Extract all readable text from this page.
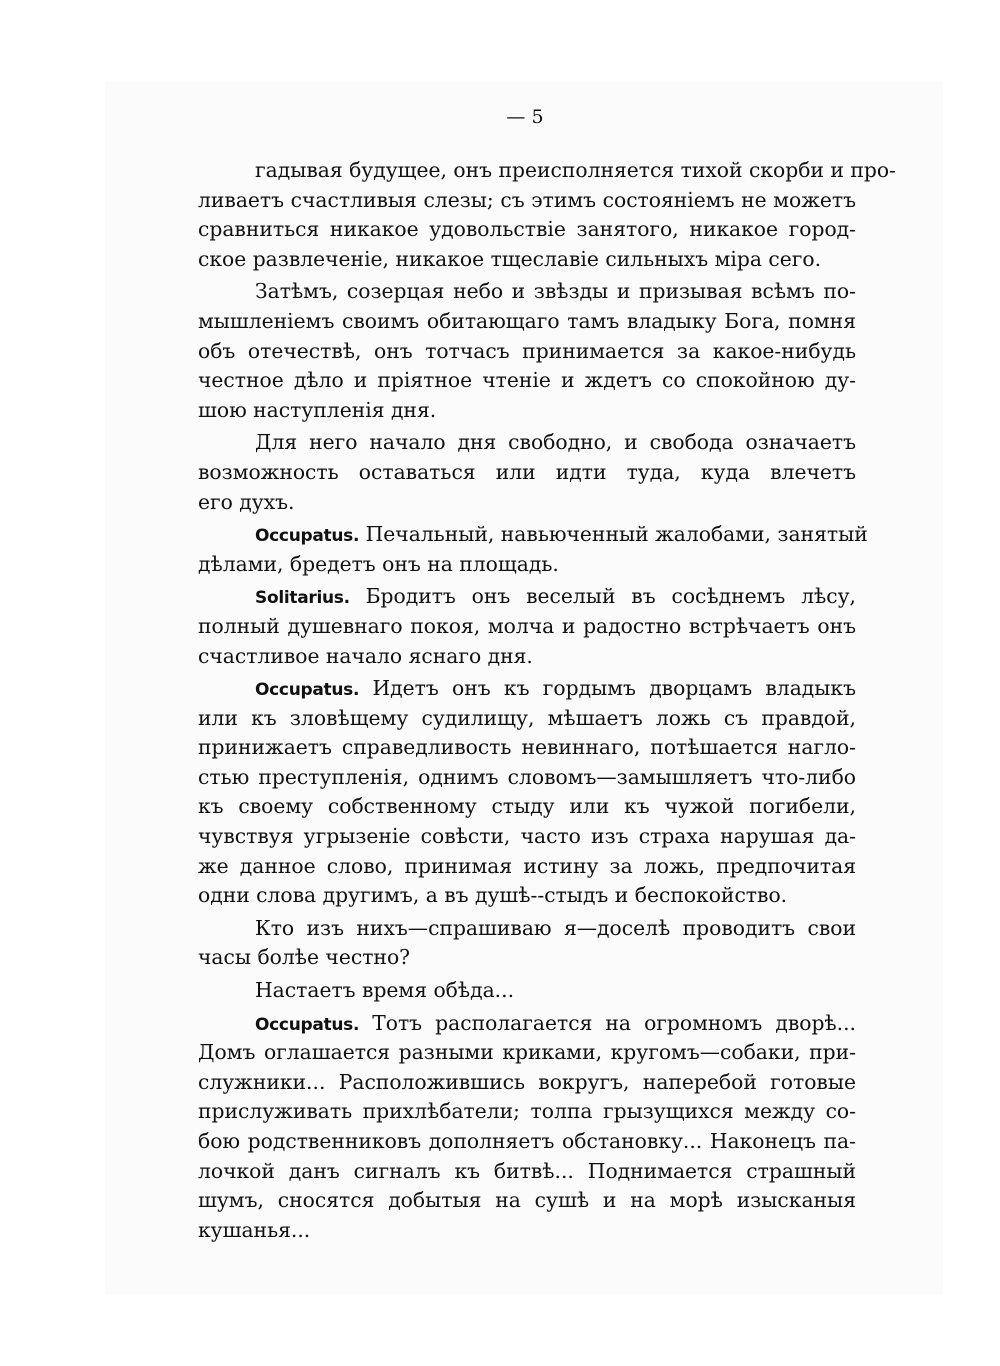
— 5
гадывая будущее, онъ преисполняется тихой скорби и про-
ливаетъ счастливыя слезы; съ этимъ состояніемъ не можетъ
сравниться никакое удовольствіе занятого, никакое город-
ское развлеченіе, никакое тщеславіе сильныхъ міра сего.
Затѣмъ, созерцая небо и звѣзды и призывая всѣмъ по-
мышленіемъ своимъ обитающаго тамъ владыку Бога, помня
объ отечествѣ, онъ тотчасъ принимается за какое-нибудь
честное дѣло и пріятное чтеніе и ждетъ со спокойною ду-
шою наступленія дня.
Для него начало дня свободно, и свобода означаетъ
возможность оставаться или идти туда, куда влечетъ
его духъ.
Occupatus. Печальный, навьюченный жалобами, занятый
дѣлами, бредетъ онъ на площадь.
Solitarius. Бродитъ онъ веселый въ сосѣднемъ лѣсу,
полный душевнаго покоя, молча и радостно встрѣчаетъ онъ
счастливое начало яснаго дня.
Occupatus. Идетъ онъ къ гордымъ дворцамъ владыкъ
или къ зловѣщему судилищу, мѣшаетъ ложь съ правдой,
принижаетъ справедливость невиннаго, потѣшается нагло-
стью преступленія, однимъ словомъ—замышляетъ что-либо
къ своему собственному стыду или къ чужой погибели,
чувствуя угрызеніе совѣсти, часто изъ страха нарушая да-
же данное слово, принимая истину за ложь, предпочитая
одни слова другимъ, а въ душѣ--стыдъ и беспокойство.
Кто изъ нихъ—спрашиваю я—доселѣ проводитъ свои
часы болѣе честно?
Настаетъ время обѣда...
Occupatus. Тотъ располагается на огромномъ дворѣ...
Домъ оглашается разными криками, кругомъ—собаки, при-
служники... Расположившись вокругъ, наперебой готовые
прислуживать прихлѣбатели; толпа грызущихся между со-
бою родственниковъ дополняетъ обстановку... Наконецъ па-
лочкой данъ сигналъ къ битвѣ... Поднимается страшный
шумъ, сносятся добытыя на сушѣ и на морѣ изысканыя
кушанья...
